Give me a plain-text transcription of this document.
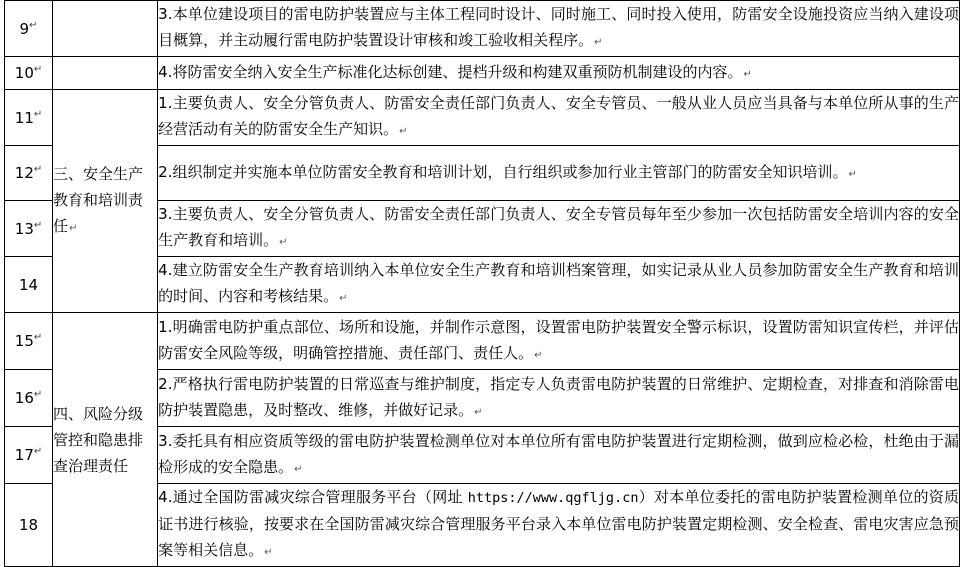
9↵		3.本单位建设项目的雷电防护装置应与主体工程同时设计、同时施工、同时投入使用，防雷安全设施投资应当纳入建设项目概算，并主动履行雷电防护装置设计审核和竣工验收相关程序。↵

10↵		4.将防雷安全纳入安全生产标准化达标创建、提档升级和构建双重预防机制建设的内容。↵

11↵	三、安全生产教育和培训责任↵	1.主要负责人、安全分管负责人、防雷安全责任部门负责人、安全专管员、一般从业人员应当具备与本单位所从事的生产经营活动有关的防雷安全生产知识。↵

12↵		2.组织制定并实施本单位防雷安全教育和培训计划，自行组织或参加行业主管部门的防雷安全知识培训。↵

13↵		3.主要负责人、安全分管负责人、防雷安全责任部门负责人、安全专管员每年至少参加一次包括防雷安全培训内容的安全生产教育和培训。↵

14		4.建立防雷安全生产教育培训纳入本单位安全生产教育和培训档案管理，如实记录从业人员参加防雷安全生产教育和培训的时间、内容和考核结果。↵

15↵	四、风险分级管控和隐患排查治理责任	1.明确雷电防护重点部位、场所和设施，并制作示意图，设置雷电防护装置安全警示标识，设置防雷知识宣传栏，并评估防雷安全风险等级，明确管控措施、责任部门、责任人。↵

16↵		2.严格执行雷电防护装置的日常巡查与维护制度，指定专人负责雷电防护装置的日常维护、定期检查，对排查和消除雷电防护装置隐患，及时整改、维修，并做好记录。↵

17↵		3.委托具有相应资质等级的雷电防护装置检测单位对本单位所有雷电防护装置进行定期检测，做到应检必检，杜绝由于漏检形成的安全隐患。↵

18		4.通过全国防雷减灾综合管理服务平台（网址 https://www.qgfljg.cn）对本单位委托的雷电防护装置检测单位的资质证书进行核验，按要求在全国防雷减灾综合管理服务平台录入本单位雷电防护装置定期检测、安全检查、雷电灾害应急预案等相关信息。↵
